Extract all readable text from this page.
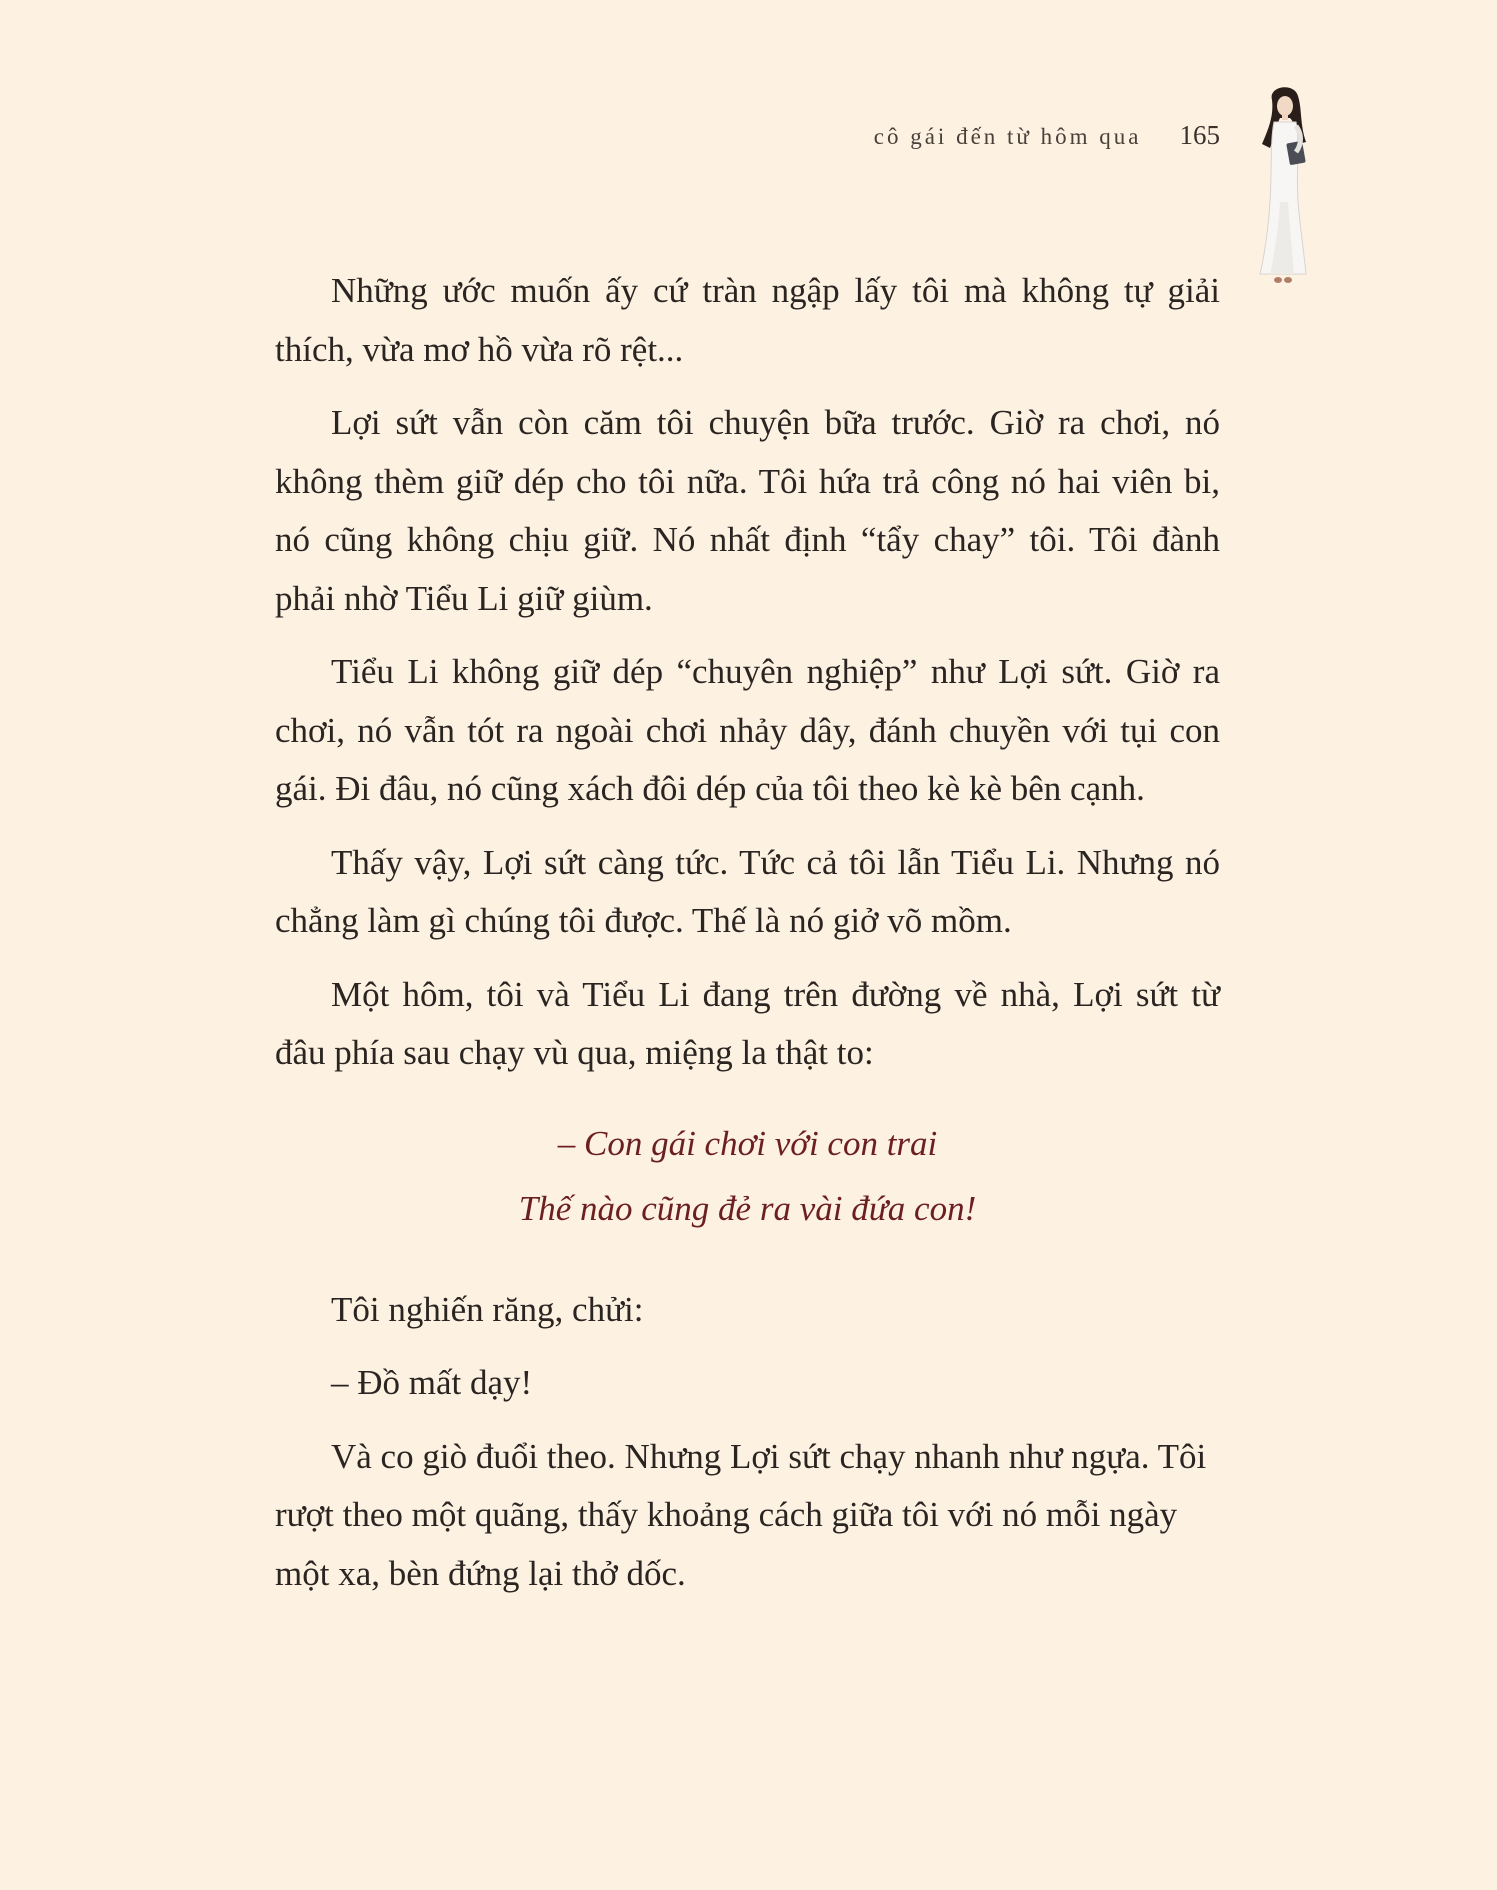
cô gái đến từ hôm qua 165

Những ước muốn ấy cứ tràn ngập lấy tôi mà không tự giải thích, vừa mơ hồ vừa rõ rệt...

Lợi sứt vẫn còn căm tôi chuyện bữa trước. Giờ ra chơi, nó không thèm giữ dép cho tôi nữa. Tôi hứa trả công nó hai viên bi, nó cũng không chịu giữ. Nó nhất định “tẩy chay” tôi. Tôi đành phải nhờ Tiểu Li giữ giùm.

Tiểu Li không giữ dép “chuyên nghiệp” như Lợi sứt. Giờ ra chơi, nó vẫn tót ra ngoài chơi nhảy dây, đánh chuyền với tụi con gái. Đi đâu, nó cũng xách đôi dép của tôi theo kè kè bên cạnh.

Thấy vậy, Lợi sứt càng tức. Tức cả tôi lẫn Tiểu Li. Nhưng nó chẳng làm gì chúng tôi được. Thế là nó giở võ mồm.

Một hôm, tôi và Tiểu Li đang trên đường về nhà, Lợi sứt từ đâu phía sau chạy vù qua, miệng la thật to:

– Con gái chơi với con trai
Thế nào cũng đẻ ra vài đứa con!

Tôi nghiến răng, chửi:

– Đồ mất dạy!

Và co giò đuổi theo. Nhưng Lợi sứt chạy nhanh như ngựa. Tôi rượt theo một quãng, thấy khoảng cách giữa tôi với nó mỗi ngày một xa, bèn đứng lại thở dốc.
